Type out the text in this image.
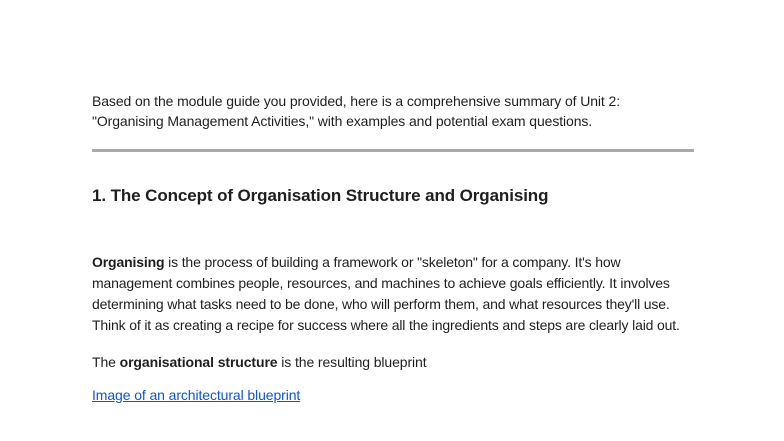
Based on the module guide you provided, here is a comprehensive summary of Unit 2:
"Organising Management Activities," with examples and potential exam questions.

1. The Concept of Organisation Structure and Organising

Organising is the process of building a framework or "skeleton" for a company. It's how management combines people, resources, and machines to achieve goals efficiently. It involves determining what tasks need to be done, who will perform them, and what resources they'll use. Think of it as creating a recipe for success where all the ingredients and steps are clearly laid out.

The organisational structure is the resulting blueprint

Image of an architectural blueprint
